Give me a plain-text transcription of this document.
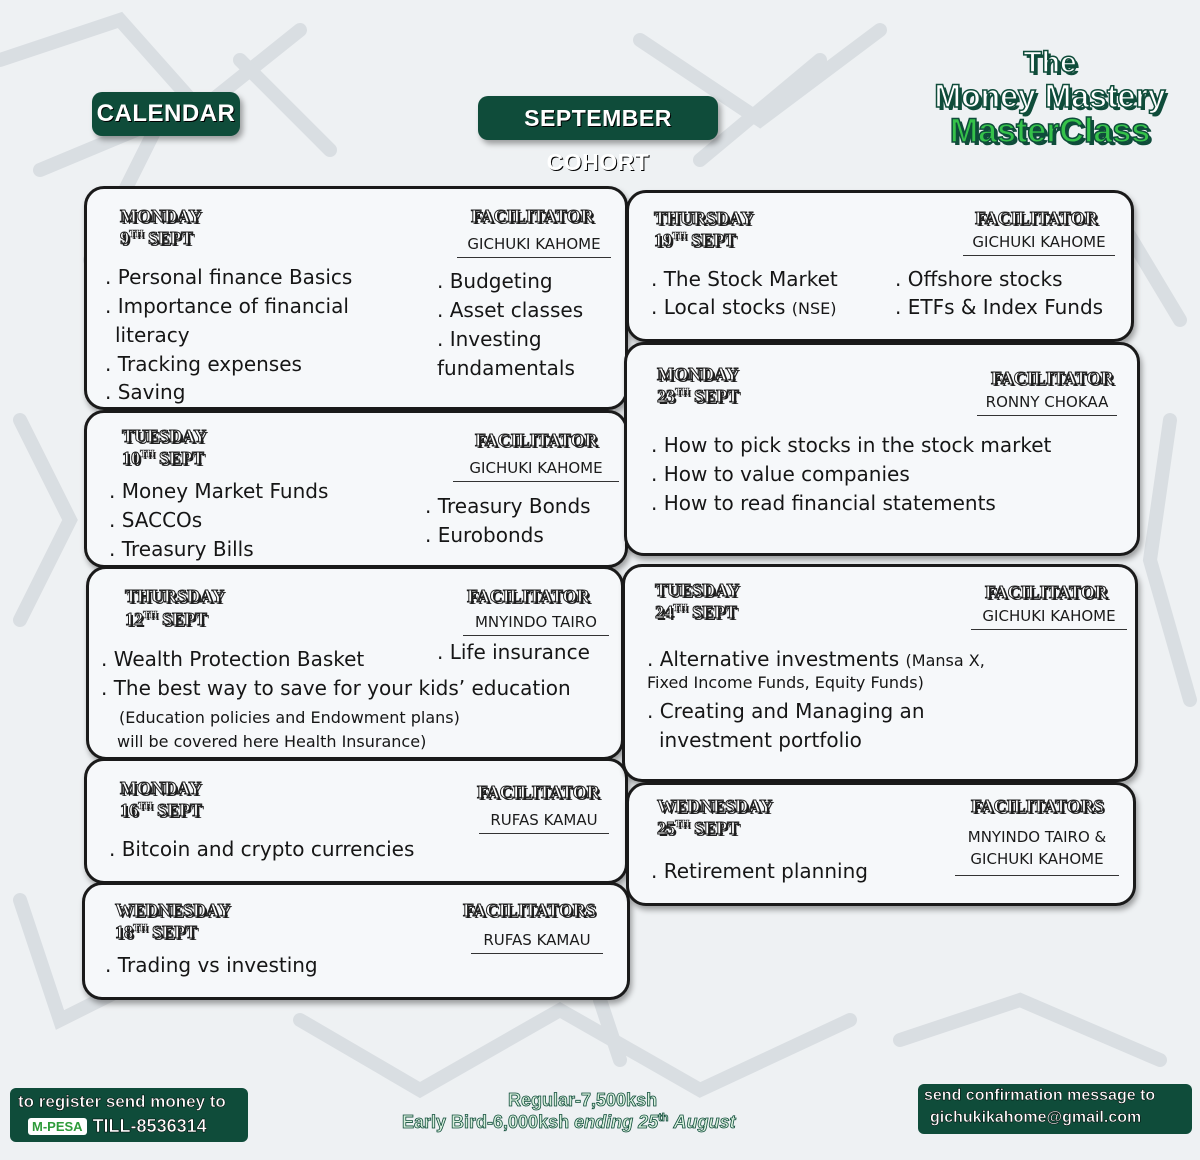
CALENDAR	SEPTEMBER COHORT
The
Money Mastery
MasterClass
MONDAY
9TH SEPT
FACILITATOR
GICHUKI KAHOME
. Personal finance Basics
. Importance of financial
literacy
. Tracking expenses
. Saving
. Budgeting
. Asset classes
. Investing
fundamentals
TUESDAY
10TH SEPT
FACILITATOR
GICHUKI KAHOME
. Money Market Funds
. SACCOs
. Treasury Bills
. Treasury Bonds
. Eurobonds
THURSDAY
12TH SEPT
FACILITATOR
MNYINDO TAIRO
. Wealth Protection Basket
. The best way to save for your kids’ education
. Life insurance
(Education policies and Endowment plans)
will be covered here Health Insurance)
MONDAY
16TH SEPT
FACILITATOR
RUFAS KAMAU
. Bitcoin and crypto currencies
WEDNESDAY
18TH SEPT
FACILITATORS
RUFAS KAMAU
. Trading vs investing
THURSDAY
19TH SEPT
FACILITATOR
GICHUKI KAHOME
. The Stock Market
. Local stocks (NSE)
. Offshore stocks
. ETFs & Index Funds
MONDAY
23TH SEPT
FACILITATOR
RONNY CHOKAA
. How to pick stocks in the stock market
. How to value companies
. How to read financial statements
TUESDAY
24TH SEPT
FACILITATOR
GICHUKI KAHOME
. Alternative investments (Mansa X,
Fixed Income Funds, Equity Funds)
. Creating and Managing an
investment portfolio
WEDNESDAY
25TH SEPT
FACILITATORS
MNYINDO TAIRO &
GICHUKI KAHOME
. Retirement planning
to register send money to
M-PESA TILL-8536314
Regular-7,500ksh
Early Bird-6,000ksh ending 25th August
send confirmation message to
gichukikahome@gmail.com
